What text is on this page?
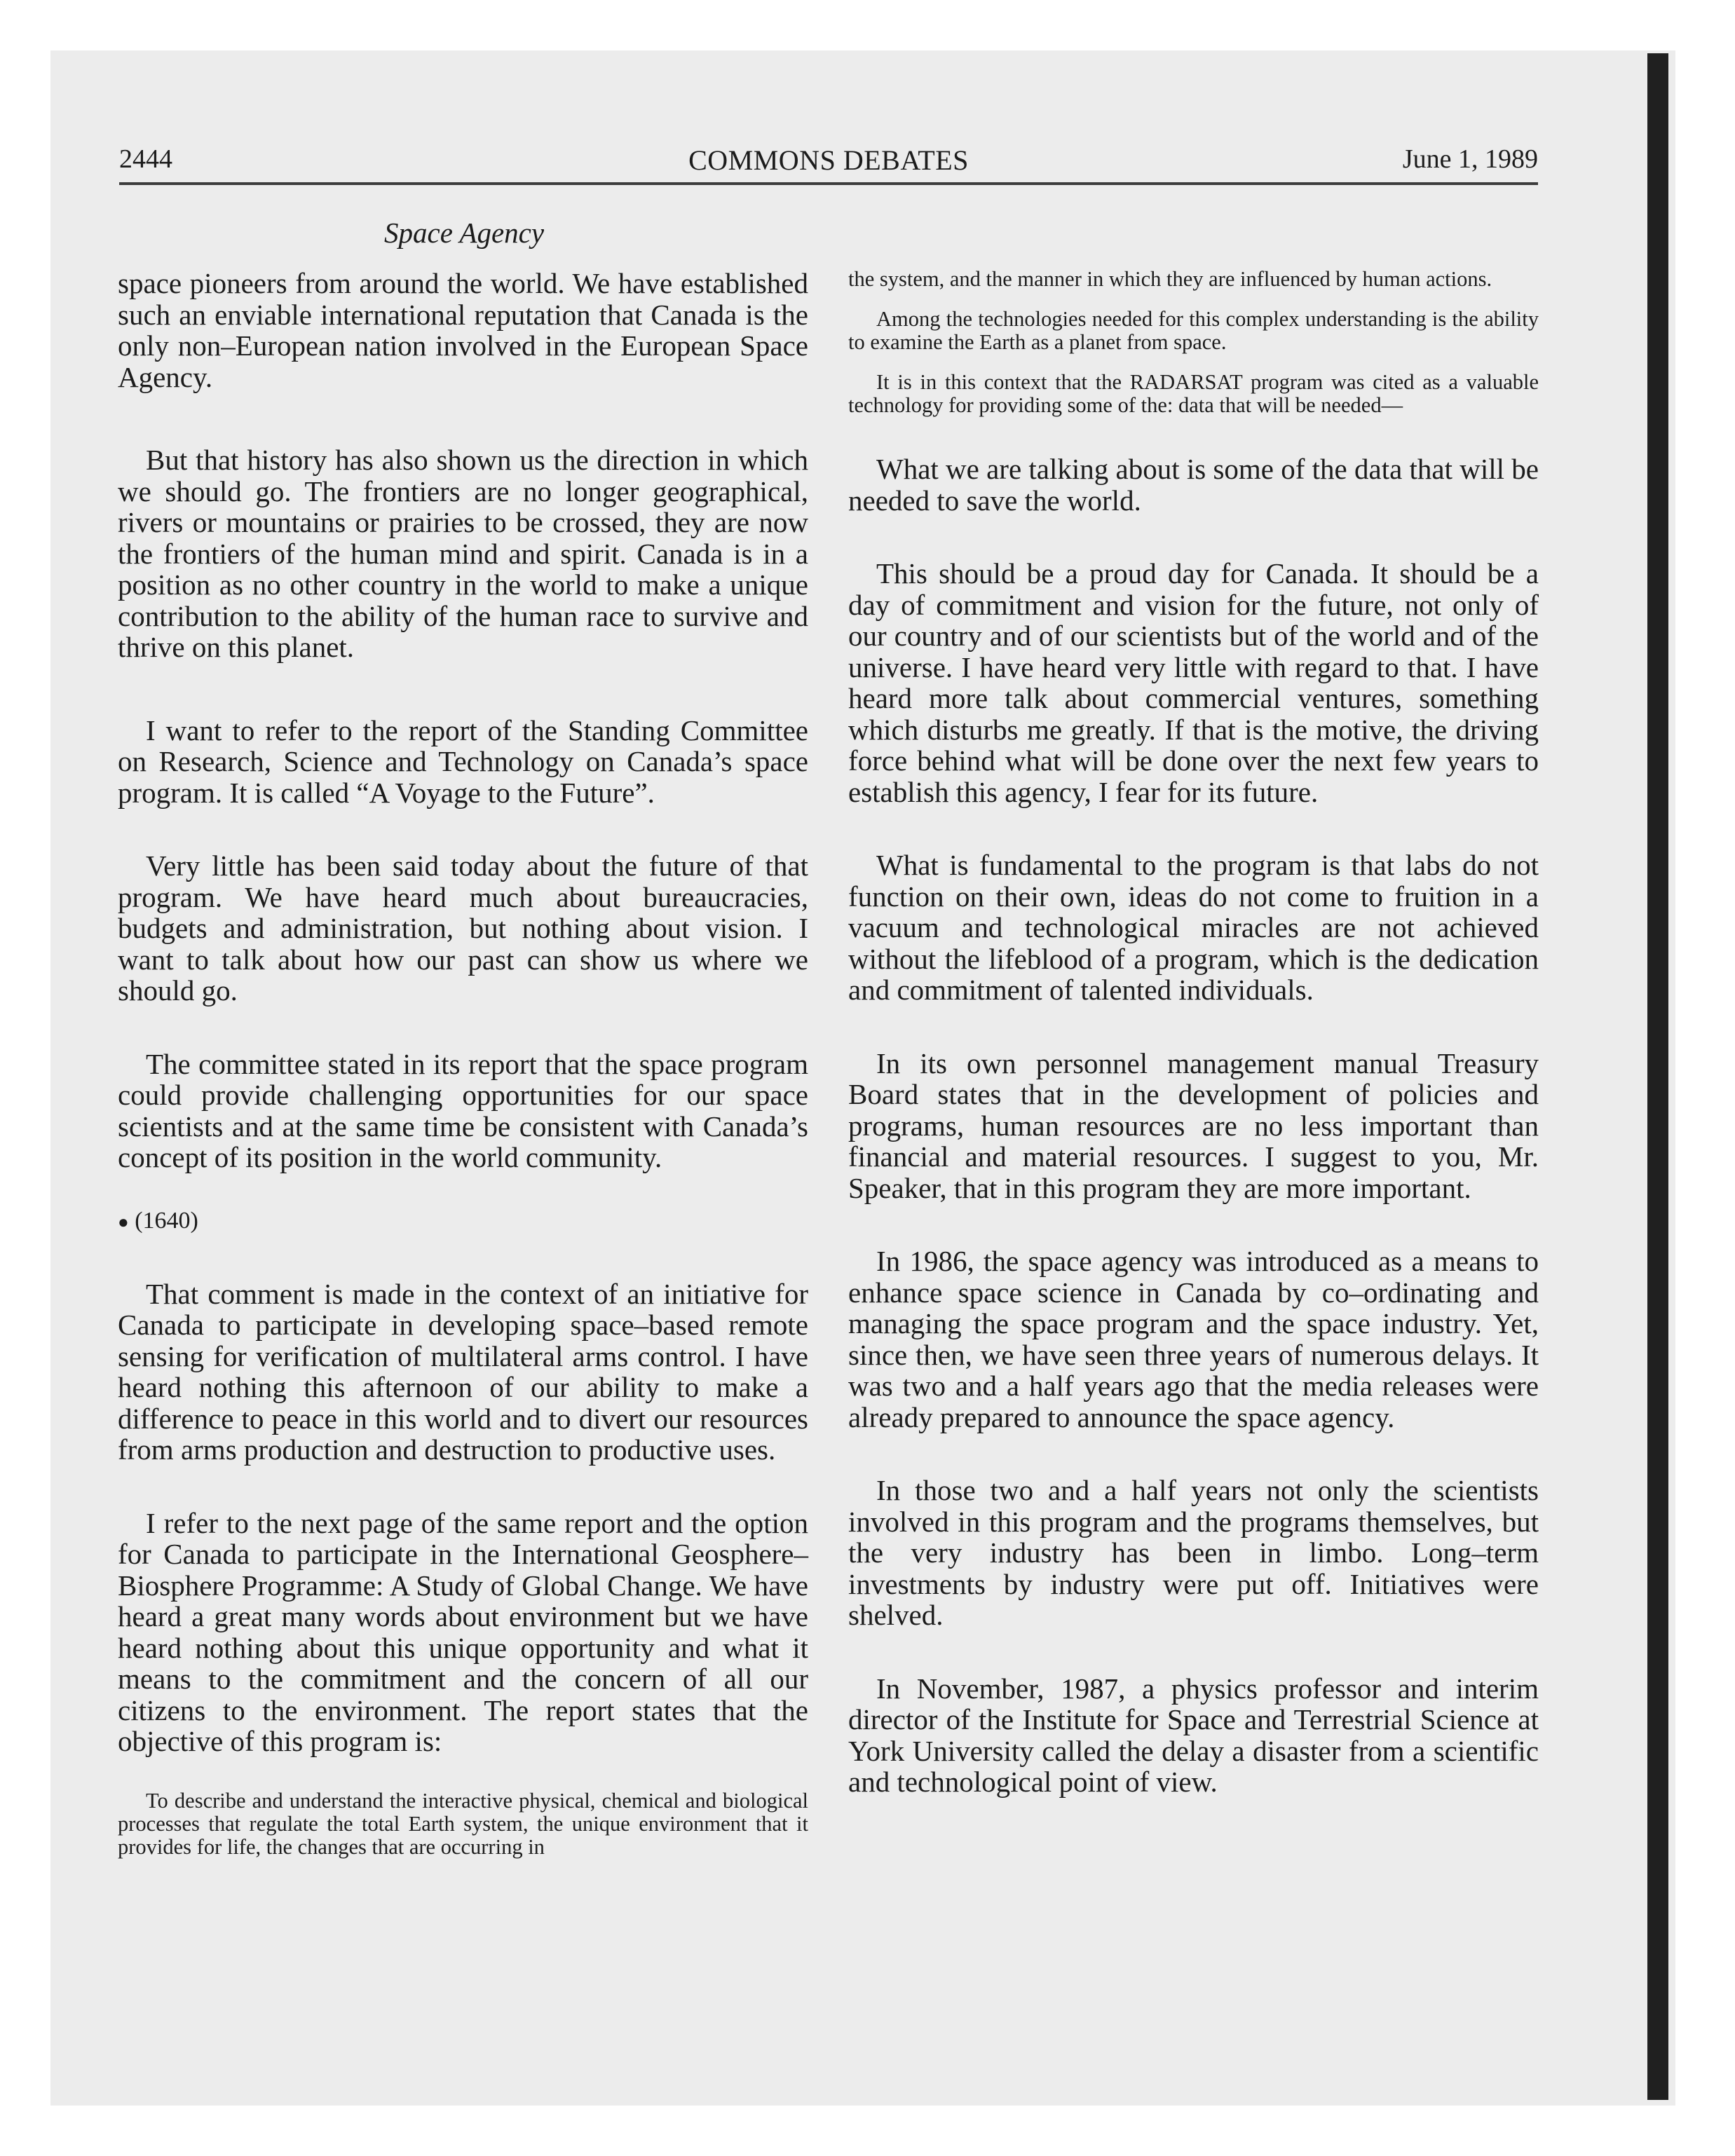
2444	COMMONS DEBATES	June 1, 1989
Space Agency

space pioneers from around the world. We have established such an enviable international reputation that Canada is the only non–European nation involved in the European Space Agency.

But that history has also shown us the direction in which we should go. The frontiers are no longer geographical, rivers or mountains or prairies to be crossed, they are now the frontiers of the human mind and spirit. Canada is in a position as no other country in the world to make a unique contribution to the ability of the human race to survive and thrive on this planet.

I want to refer to the report of the Standing Committee on Research, Science and Technology on Canada’s space program. It is called “A Voyage to the Future”.

Very little has been said today about the future of that program. We have heard much about bureaucracies, budgets and administration, but nothing about vision. I want to talk about how our past can show us where we should go.

The committee stated in its report that the space program could provide challenging opportunities for our space scientists and at the same time be consistent with Canada’s concept of its position in the world community.

● (1640)

That comment is made in the context of an initiative for Canada to participate in developing space–based remote sensing for verification of multilateral arms control. I have heard nothing this afternoon of our ability to make a difference to peace in this world and to divert our resources from arms production and destruction to productive uses.

I refer to the next page of the same report and the option for Canada to participate in the International Geosphere–Biosphere Programme: A Study of Global Change. We have heard a great many words about environment but we have heard nothing about this unique opportunity and what it means to the commitment and the concern of all our citizens to the environment. The report states that the objective of this program is:

To describe and understand the interactive physical, chemical and biological processes that regulate the total Earth system, the unique environment that it provides for life, the changes that are occurring in

the system, and the manner in which they are influenced by human actions.

Among the technologies needed for this complex understanding is the ability to examine the Earth as a planet from space.

It is in this context that the RADARSAT program was cited as a valuable technology for providing some of the: data that will be needed—

What we are talking about is some of the data that will be needed to save the world.

This should be a proud day for Canada. It should be a day of commitment and vision for the future, not only of our country and of our scientists but of the world and of the universe. I have heard very little with regard to that. I have heard more talk about commercial ventures, something which disturbs me greatly. If that is the motive, the driving force behind what will be done over the next few years to establish this agency, I fear for its future.

What is fundamental to the program is that labs do not function on their own, ideas do not come to fruition in a vacuum and technological miracles are not achieved without the lifeblood of a program, which is the dedication and commitment of talented individuals.

In its own personnel management manual Treasury Board states that in the development of policies and programs, human resources are no less important than financial and material resources. I suggest to you, Mr. Speaker, that in this program they are more important.

In 1986, the space agency was introduced as a means to enhance space science in Canada by co–ordinating and managing the space program and the space industry. Yet, since then, we have seen three years of numerous delays. It was two and a half years ago that the media releases were already prepared to announce the space agency.

In those two and a half years not only the scientists involved in this program and the programs themselves, but the very industry has been in limbo. Long–term investments by industry were put off. Initiatives were shelved.

In November, 1987, a physics professor and interim director of the Institute for Space and Terrestrial Science at York University called the delay a disaster from a scientific and technological point of view.
